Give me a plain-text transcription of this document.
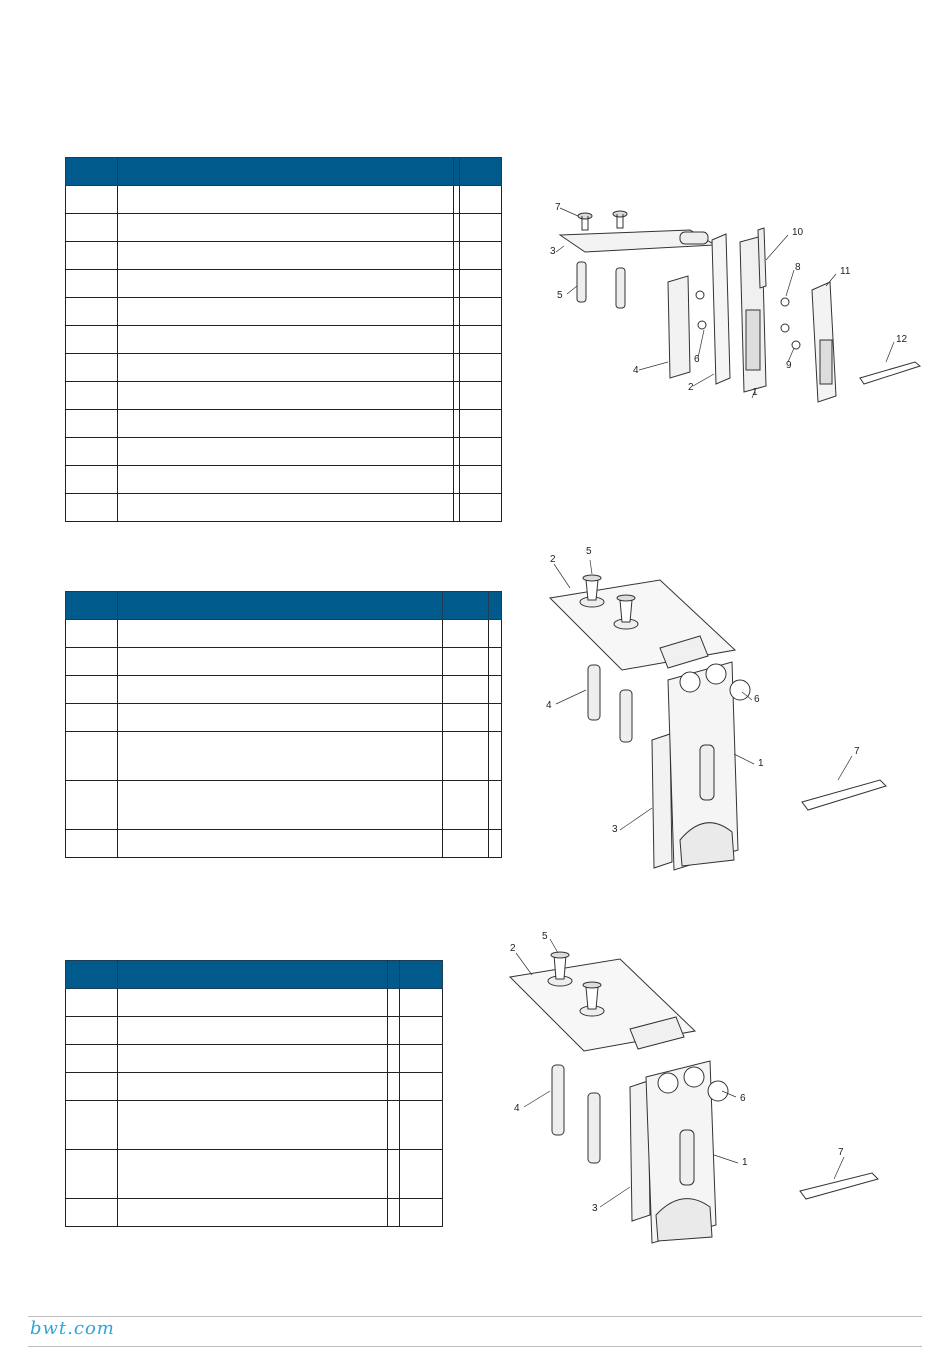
1
2
3
4
5
6
7
8
9
10
11
12
1
2
3
4
5
6
7
1
2
3
4
5
6
7
bwt.com
